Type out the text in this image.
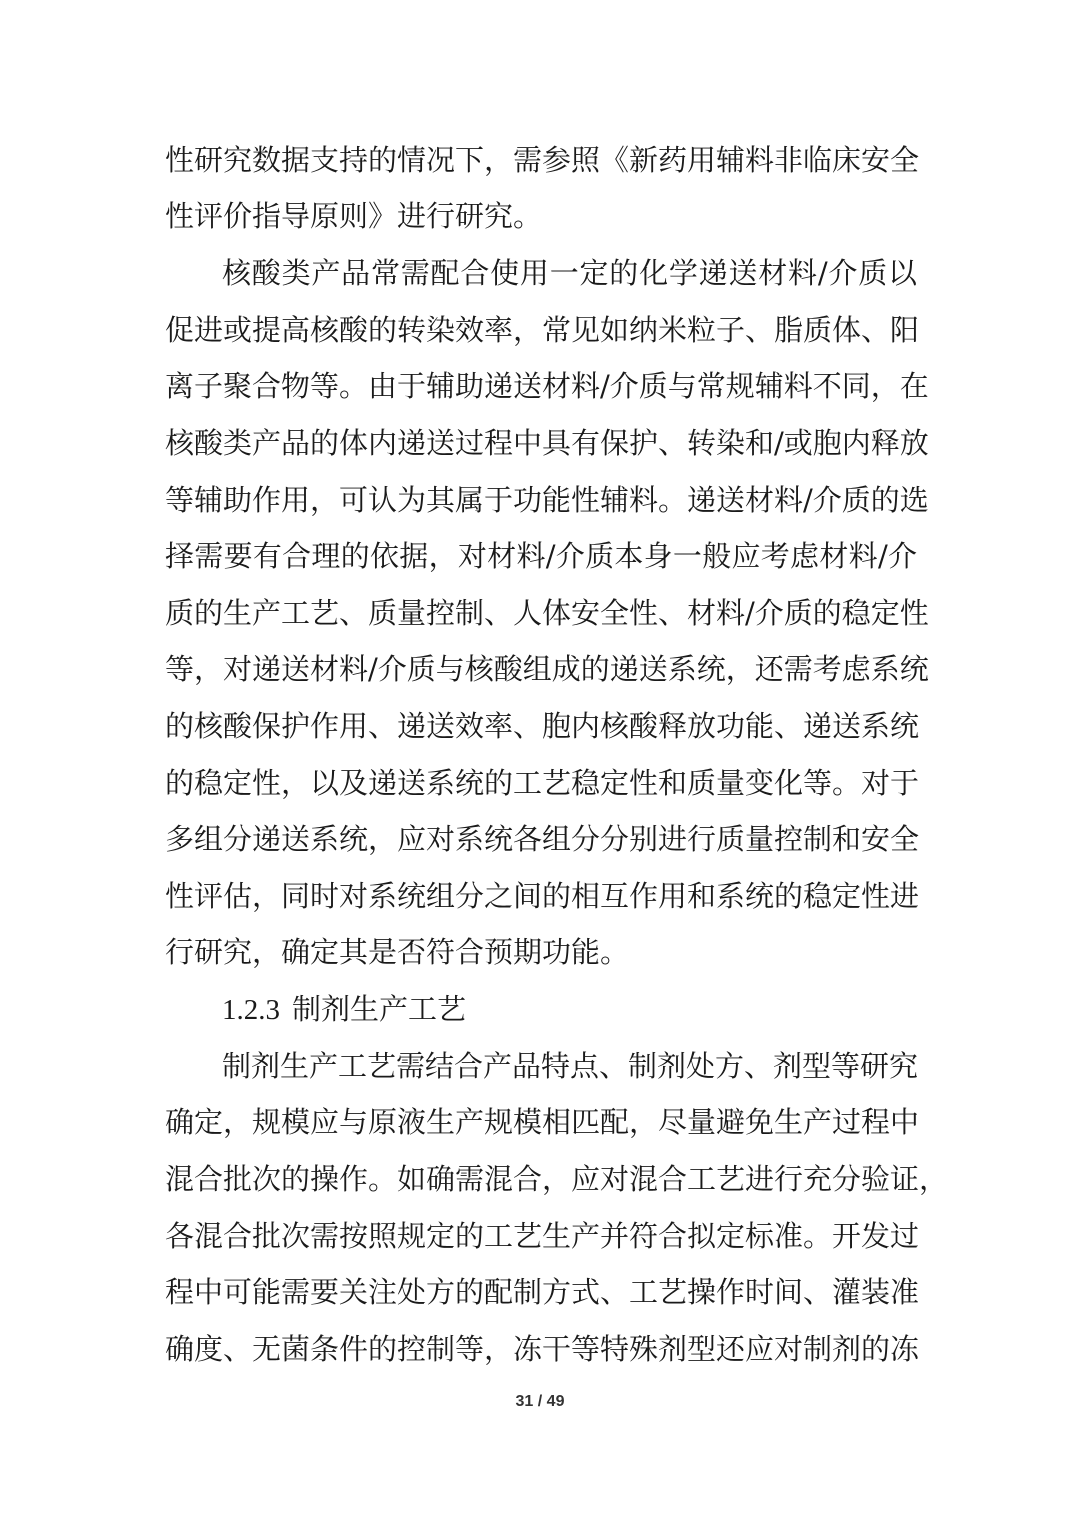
性研究数据支持的情况下，需参照《新药用辅料非临床安全
性评价指导原则》进行研究。
核酸类产品常需配合使用一定的化学递送材料/介质以
促进或提高核酸的转染效率，常见如纳米粒子、脂质体、阳
离子聚合物等。由于辅助递送材料/介质与常规辅料不同，在
核酸类产品的体内递送过程中具有保护、转染和/或胞内释放
等辅助作用，可认为其属于功能性辅料。递送材料/介质的选
择需要有合理的依据，对材料/介质本身一般应考虑材料/介
质的生产工艺、质量控制、人体安全性、材料/介质的稳定性
等，对递送材料/介质与核酸组成的递送系统，还需考虑系统
的核酸保护作用、递送效率、胞内核酸释放功能、递送系统
的稳定性，以及递送系统的工艺稳定性和质量变化等。对于
多组分递送系统，应对系统各组分分别进行质量控制和安全
性评估，同时对系统组分之间的相互作用和系统的稳定性进
行研究，确定其是否符合预期功能。
1.2.3 制剂生产工艺
制剂生产工艺需结合产品特点、制剂处方、剂型等研究
确定，规模应与原液生产规模相匹配，尽量避免生产过程中
混合批次的操作。如确需混合，应对混合工艺进行充分验证，
各混合批次需按照规定的工艺生产并符合拟定标准。开发过
程中可能需要关注处方的配制方式、工艺操作时间、灌装准
确度、无菌条件的控制等，冻干等特殊剂型还应对制剂的冻
31 / 49
